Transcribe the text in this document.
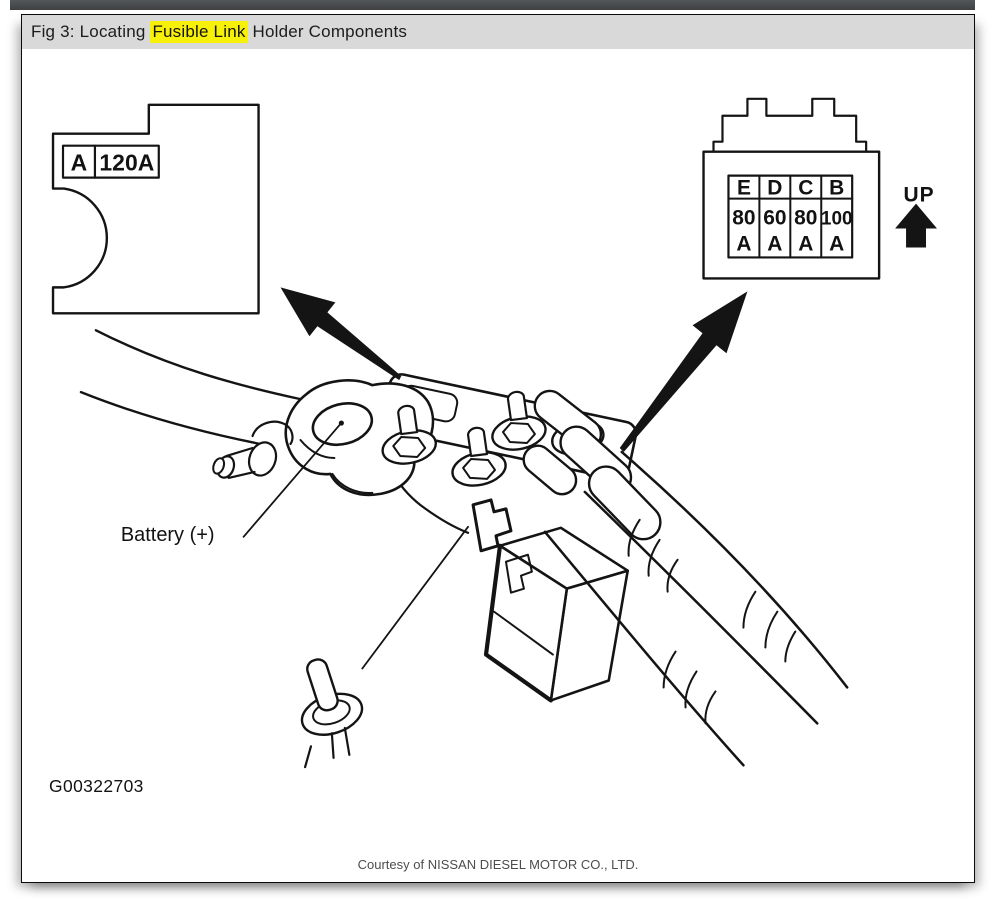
Fig 3: Locating Fusible Link Holder Components
A 120A
E D C B
80 60 80 100
A A A A
UP
Battery (+)
G00322703
Courtesy of NISSAN DIESEL MOTOR CO., LTD.
